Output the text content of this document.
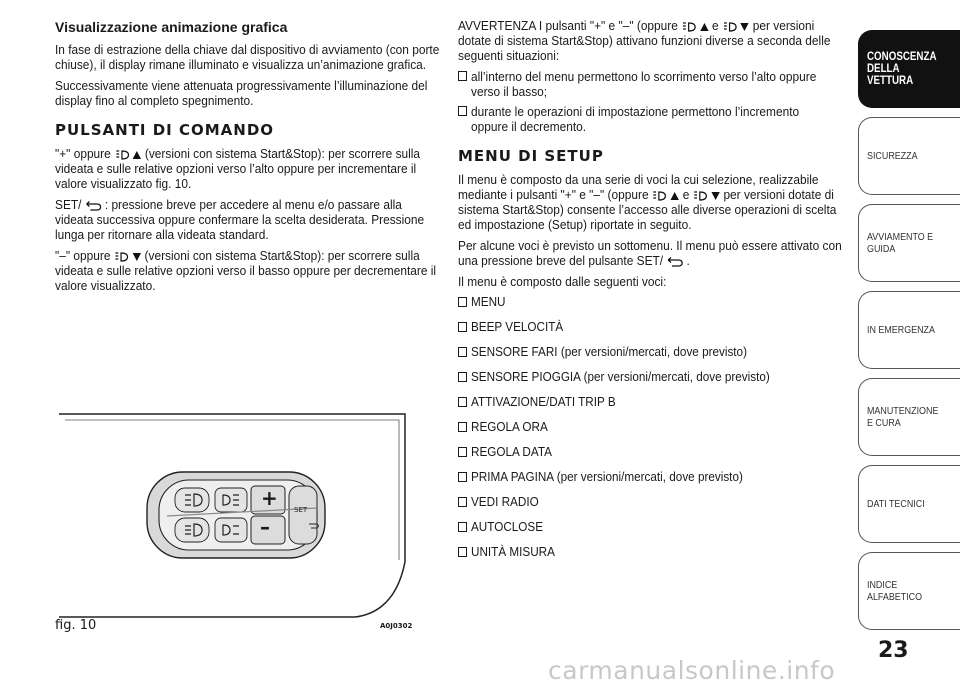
Visualizzazione animazione grafica

In fase di estrazione della chiave dal dispositivo di avviamento (con porte chiuse), il display rimane illuminato e visualizza un’animazione grafica.

Successivamente viene attenuata progressivamente l’illuminazione del display fino al completo spegnimento.

PULSANTI DI COMANDO

"+" oppure
	(versioni con sistema Start&Stop): per scorrere sulla videata e sulle relative opzioni verso l’alto oppure per incrementare il valore visualizzato fig. 10.

SET/ : pressione breve per accedere al menu e/o passare alla videata successiva oppure confermare la scelta desiderata. Pressione lunga per ritornare alla videata standard.

"–" oppure
	(versioni con sistema Start&Stop): per scorrere sulla videata e sulle relative opzioni verso il basso oppure per decrementare il valore visualizzato.

+
–
SET
fig. 10	A0J0302

AVVERTENZA I pulsanti "+" e "–" (oppure
	e
	per versioni dotate di sistema Start&Stop) attivano funzioni diverse a seconda delle seguenti situazioni:

all’interno del menu permettono lo scorrimento verso l’alto oppure verso il basso;
durante le operazioni di impostazione permettono l’incremento oppure il decremento.
MENU DI SETUP

Il menu è composto da una serie di voci la cui selezione, realizzabile mediante i pulsanti "+" e "–" (oppure
	e
	per versioni dotate di sistema Start&Stop) consente l’accesso alle diverse operazioni di scelta ed impostazione (Setup) riportate in seguito.

Per alcune voci è previsto un sottomenu. Il menu può essere attivato con una pressione breve del pulsante SET/ .

Il menu è composto dalle seguenti voci:

MENU
BEEP VELOCITÀ
SENSORE FARI (per versioni/mercati, dove previsto)
SENSORE PIOGGIA (per versioni/mercati, dove previsto)
ATTIVAZIONE/DATI TRIP B
REGOLA ORA
REGOLA DATA
PRIMA PAGINA (per versioni/mercati, dove previsto)
VEDI RADIO
AUTOCLOSE
UNITÀ MISURA
CONOSCENZA DELLA VETTURA
SICUREZZA
AVVIAMENTO E GUIDA
IN EMERGENZA
MANUTENZIONE E CURA
DATI TECNICI
INDICE ALFABETICO
23
carmanualsonline.info
